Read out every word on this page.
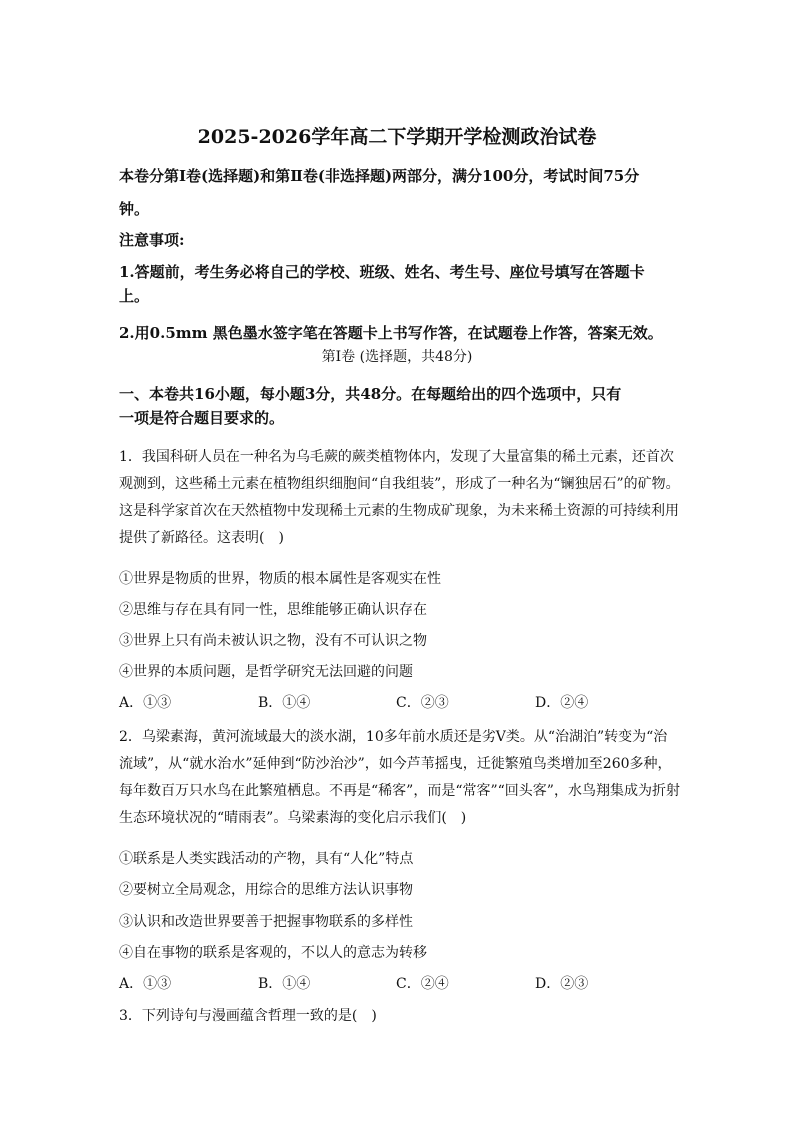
2025-2026学年高二下学期开学检测政治试卷
本卷分第Ⅰ卷(选择题)和第Ⅱ卷(非选择题)两部分，满分100分，考试时间75分
钟。
注意事项:
1.答题前，考生务必将自己的学校、班级、姓名、考生号、座位号填写在答题卡
上。
2.用0.5mm 黑色墨水签字笔在答题卡上书写作答，在试题卷上作答，答案无效。
第Ⅰ卷 (选择题，共48分)
一、本卷共16小题，每小题3分，共48分。在每题给出的四个选项中，只有
一项是符合题目要求的。
1．我国科研人员在一种名为乌毛蕨的蕨类植物体内，发现了大量富集的稀土元素，还首次
观测到，这些稀土元素在植物组织细胞间“自我组装”，形成了一种名为“镧独居石”的矿物。
这是科学家首次在天然植物中发现稀土元素的生物成矿现象，为未来稀土资源的可持续利用
提供了新路径。这表明(　)
①世界是物质的世界，物质的根本属性是客观实在性
②思维与存在具有同一性，思维能够正确认识存在
③世界上只有尚未被认识之物，没有不可认识之物
④世界的本质问题，是哲学研究无法回避的问题
A．①③	B．①④	C．②③	D．②④
2．乌梁素海，黄河流域最大的淡水湖，10多年前水质还是劣Ⅴ类。从“治湖泊”转变为“治
流域”，从“就水治水”延伸到“防沙治沙”，如今芦苇摇曳，迁徙繁殖鸟类增加至260多种，
每年数百万只水鸟在此繁殖栖息。不再是“稀客”，而是“常客”“回头客”，水鸟翔集成为折射
生态环境状况的“晴雨表”。乌梁素海的变化启示我们(　)
①联系是人类实践活动的产物，具有“人化”特点
②要树立全局观念，用综合的思维方法认识事物
③认识和改造世界要善于把握事物联系的多样性
④自在事物的联系是客观的，不以人的意志为转移
A．①③	B．①④	C．②④	D．②③
3．下列诗句与漫画蕴含哲理一致的是(　)
